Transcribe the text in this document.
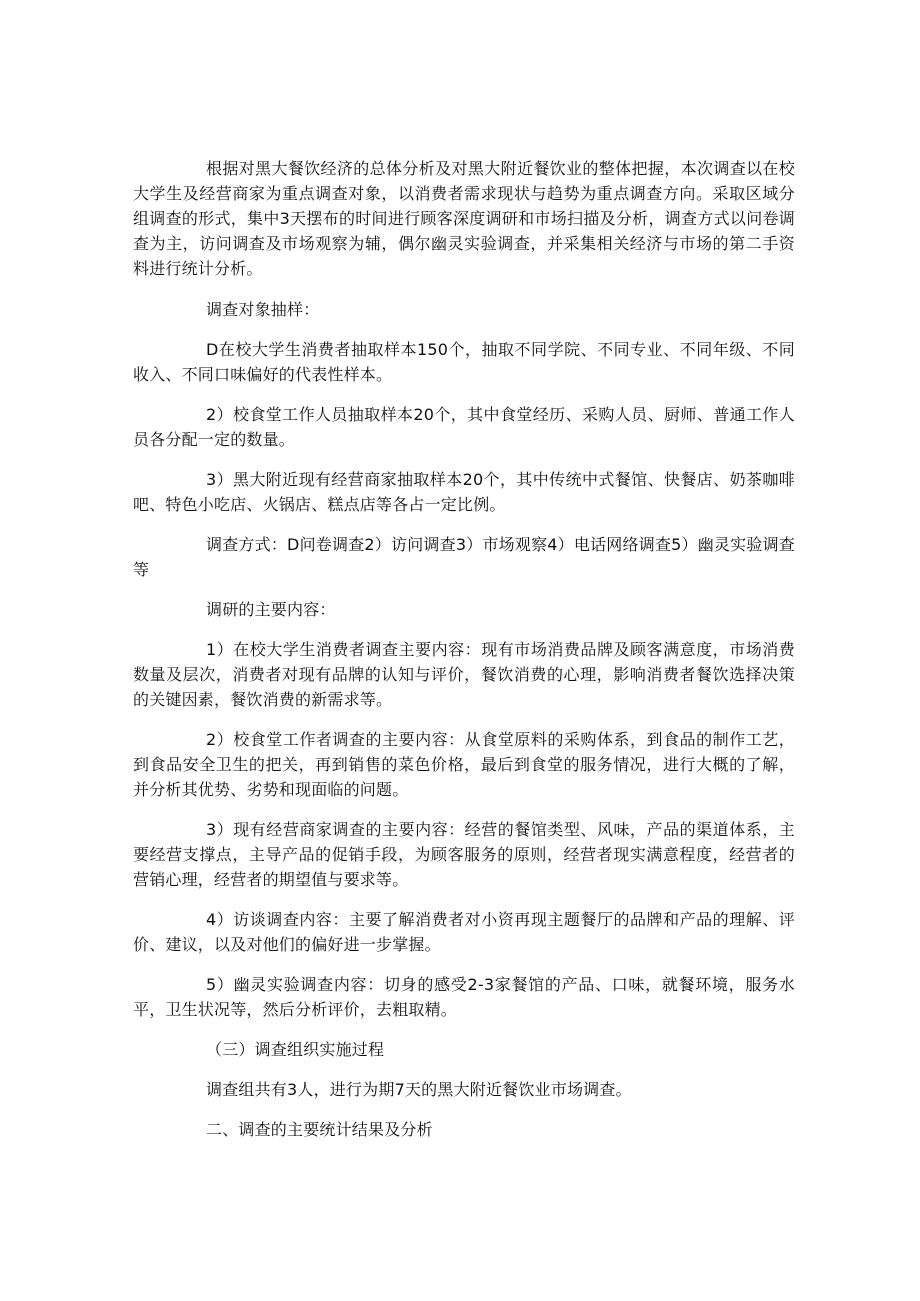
根据对黑大餐饮经济的总体分析及对黑大附近餐饮业的整体把握，本次调查以在校大学生及经营商家为重点调查对象，以消费者需求现状与趋势为重点调查方向。采取区域分组调查的形式，集中3天摆布的时间进行顾客深度调研和市场扫描及分析，调查方式以问卷调查为主，访问调查及市场观察为辅，偶尔幽灵实验调查，并采集相关经济与市场的第二手资料进行统计分析。

调查对象抽样：

D在校大学生消费者抽取样本150个，抽取不同学院、不同专业、不同年级、不同收入、不同口味偏好的代表性样本。

2）校食堂工作人员抽取样本20个，其中食堂经历、采购人员、厨师、普通工作人员各分配一定的数量。

3）黑大附近现有经营商家抽取样本20个，其中传统中式餐馆、快餐店、奶茶咖啡吧、特色小吃店、火锅店、糕点店等各占一定比例。

调查方式：D问卷调查2）访问调查3）市场观察4）电话网络调查5）幽灵实验调查等

调研的主要内容：

1）在校大学生消费者调查主要内容：现有市场消费品牌及顾客满意度，市场消费数量及层次，消费者对现有品牌的认知与评价，餐饮消费的心理，影响消费者餐饮选择决策的关键因素，餐饮消费的新需求等。

2）校食堂工作者调查的主要内容：从食堂原料的采购体系，到食品的制作工艺，到食品安全卫生的把关，再到销售的菜色价格，最后到食堂的服务情况，进行大概的了解，并分析其优势、劣势和现面临的问题。

3）现有经营商家调查的主要内容：经营的餐馆类型、风味，产品的渠道体系，主要经营支撑点，主导产品的促销手段，为顾客服务的原则，经营者现实满意程度，经营者的营销心理，经营者的期望值与要求等。

4）访谈调查内容：主要了解消费者对小资再现主题餐厅的品牌和产品的理解、评价、建议，以及对他们的偏好进一步掌握。

5）幽灵实验调查内容：切身的感受2-3家餐馆的产品、口味，就餐环境，服务水平，卫生状况等，然后分析评价，去粗取精。

（三）调查组织实施过程

调查组共有3人，进行为期7天的黑大附近餐饮业市场调查。

二、调查的主要统计结果及分析
